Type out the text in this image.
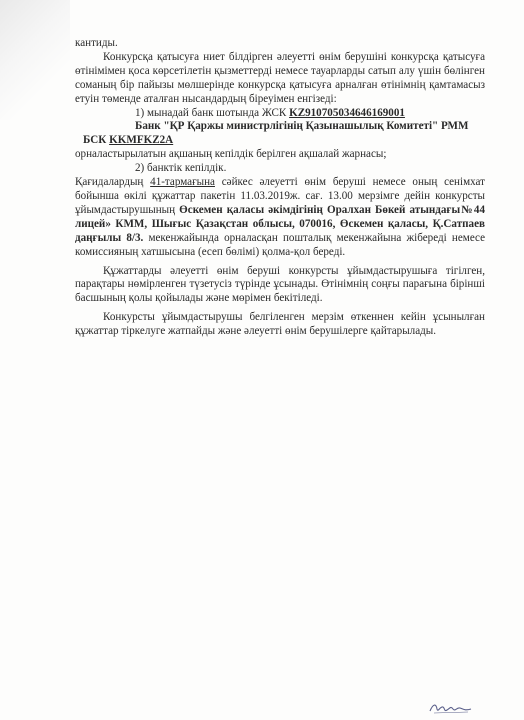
кантиды.

Конкурсқа қатысуға ниет білдірген әлеуетті өнім берушіні конкурсқа қатысуға өтінімімен қоса көрсетілетін қызметтерді немесе тауарларды сатып алу үшін бөлінген соманың бір пайызы мөлшерінде конкурсқа қатысуға арналған өтінімнің қамтамасыз етуін төменде аталған нысандардың біреуімен енгізеді:

1) мынадай банк шотында ЖСК KZ910705034646169001

Банк "ҚР Қаржы министрлігінің Қазынашылық Комитеті" РММ

БСК KKMFKZ2A

орналастырылатын ақшаның кепілдік берілген ақшалай жарнасы;

2) банктік кепілдік.

Қағидалардың 41-тармағына сәйкес әлеуетті өнім беруші немесе оның сенімхат бойынша өкілі құжаттар пакетін 11.03.2019ж. сағ. 13.00 мерзімге дейін конкурсты ұйымдастырушының Өскемен қаласы әкімдігінің Оралхан Бөкей атындағы№44 лицей» КММ, Шығыс Қазақстан облысы, 070016, Өскемен қаласы, Қ.Сатпаев даңғылы 8/3. мекенжайында орналасқан пошталық мекенжайына жібереді немесе комиссияның хатшысына (есеп бөлімі) қолма-қол береді.

Құжаттарды әлеуетті өнім беруші конкурсты ұйымдастырушыға тігілген, парақтары нөмірленген түзетусіз түрінде ұсынады. Өтінімнің соңғы парағына бірінші басшының қолы қойылады және мөрімен бекітіледі.

Конкурсты ұйымдастырушы белгіленген мерзім өткеннен кейін ұсынылған құжаттар тіркелуге жатпайды және әлеуетті өнім берушілерге қайтарылады.
